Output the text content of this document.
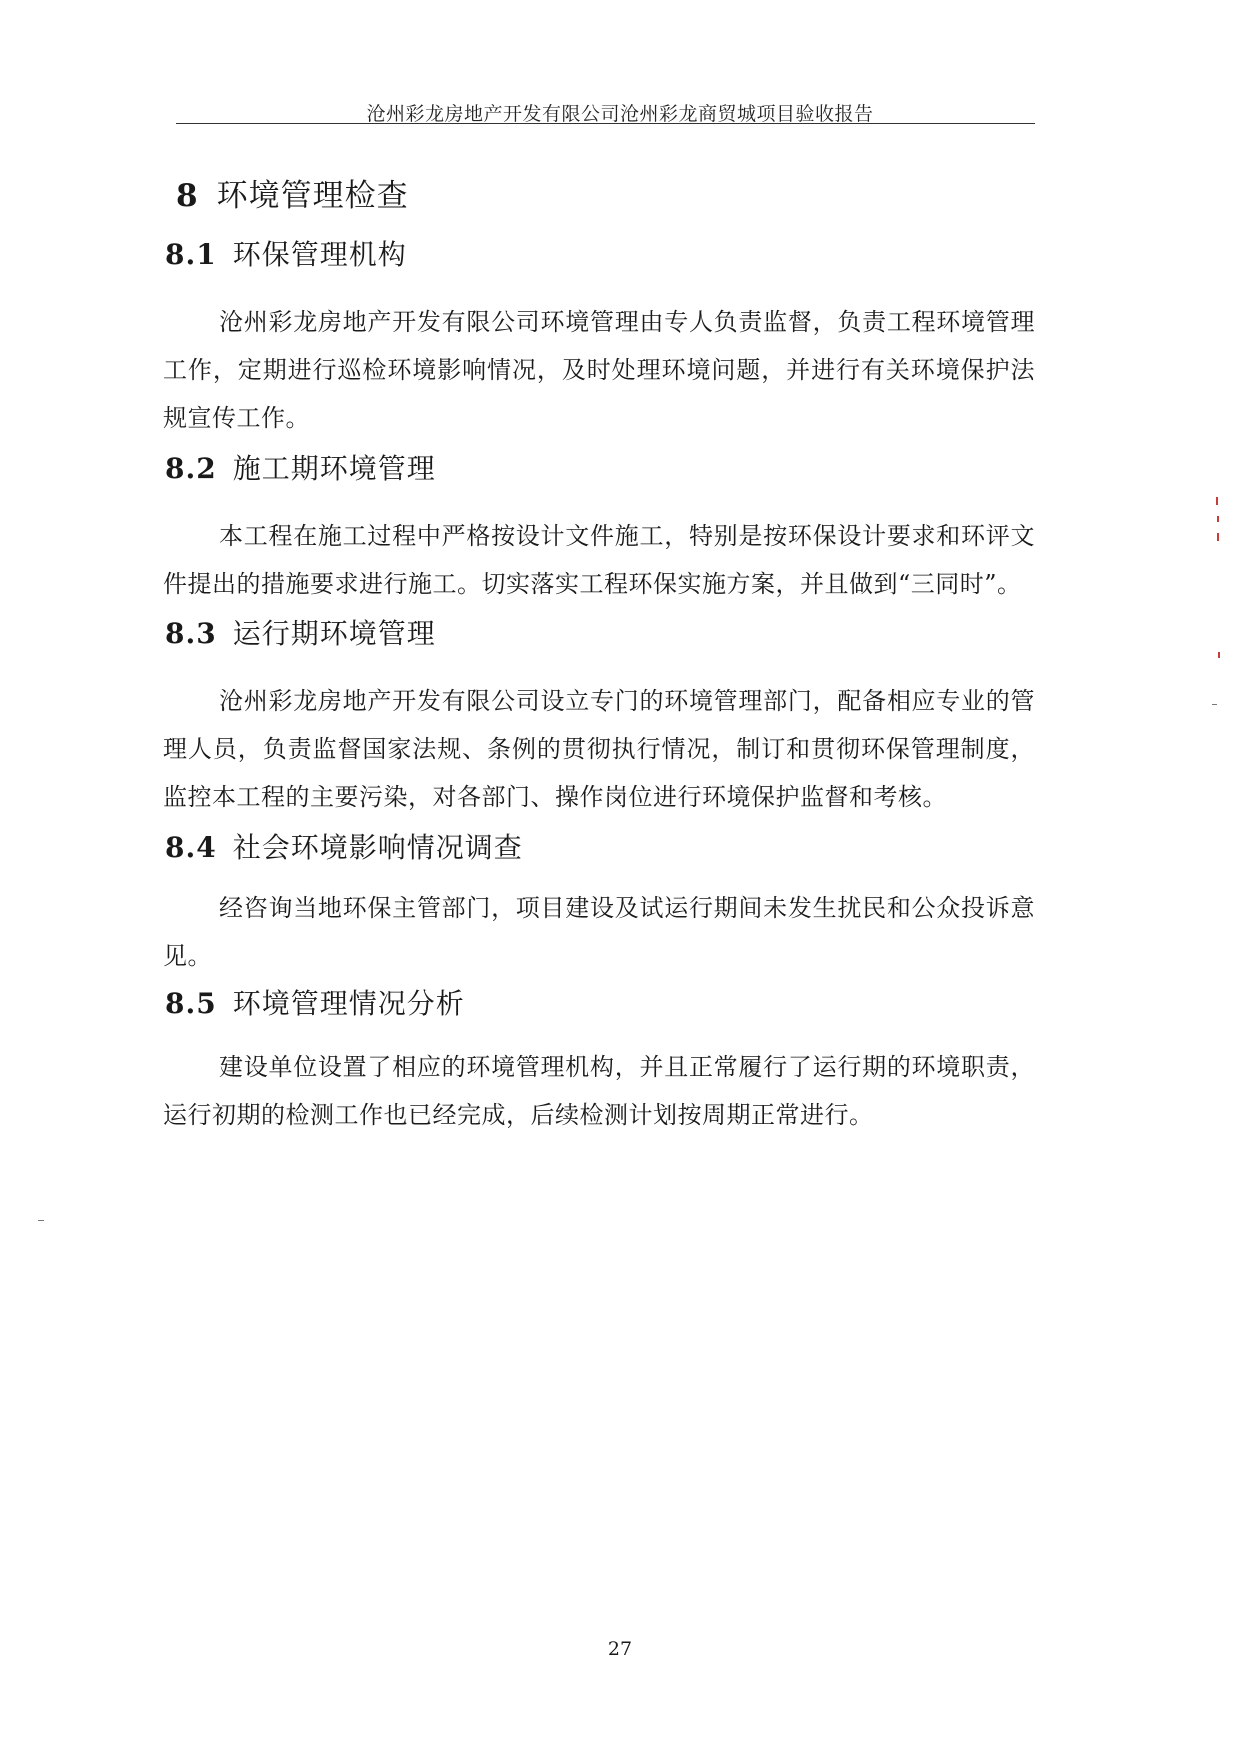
沧州彩龙房地产开发有限公司沧州彩龙商贸城项目验收报告
8 环境管理检查
8.1 环保管理机构
沧州彩龙房地产开发有限公司环境管理由专人负责监督，负责工程环境管理工作，定期进行巡检环境影响情况，及时处理环境问题，并进行有关环境保护法规宣传工作。
8.2 施工期环境管理
本工程在施工过程中严格按设计文件施工，特别是按环保设计要求和环评文件提出的措施要求进行施工。切实落实工程环保实施方案，并且做到“三同时”。
8.3 运行期环境管理
沧州彩龙房地产开发有限公司设立专门的环境管理部门，配备相应专业的管理人员，负责监督国家法规、条例的贯彻执行情况，制订和贯彻环保管理制度，监控本工程的主要污染，对各部门、操作岗位进行环境保护监督和考核。
8.4 社会环境影响情况调查
经咨询当地环保主管部门，项目建设及试运行期间未发生扰民和公众投诉意见。
8.5 环境管理情况分析
建设单位设置了相应的环境管理机构，并且正常履行了运行期的环境职责，运行初期的检测工作也已经完成，后续检测计划按周期正常进行。
27
